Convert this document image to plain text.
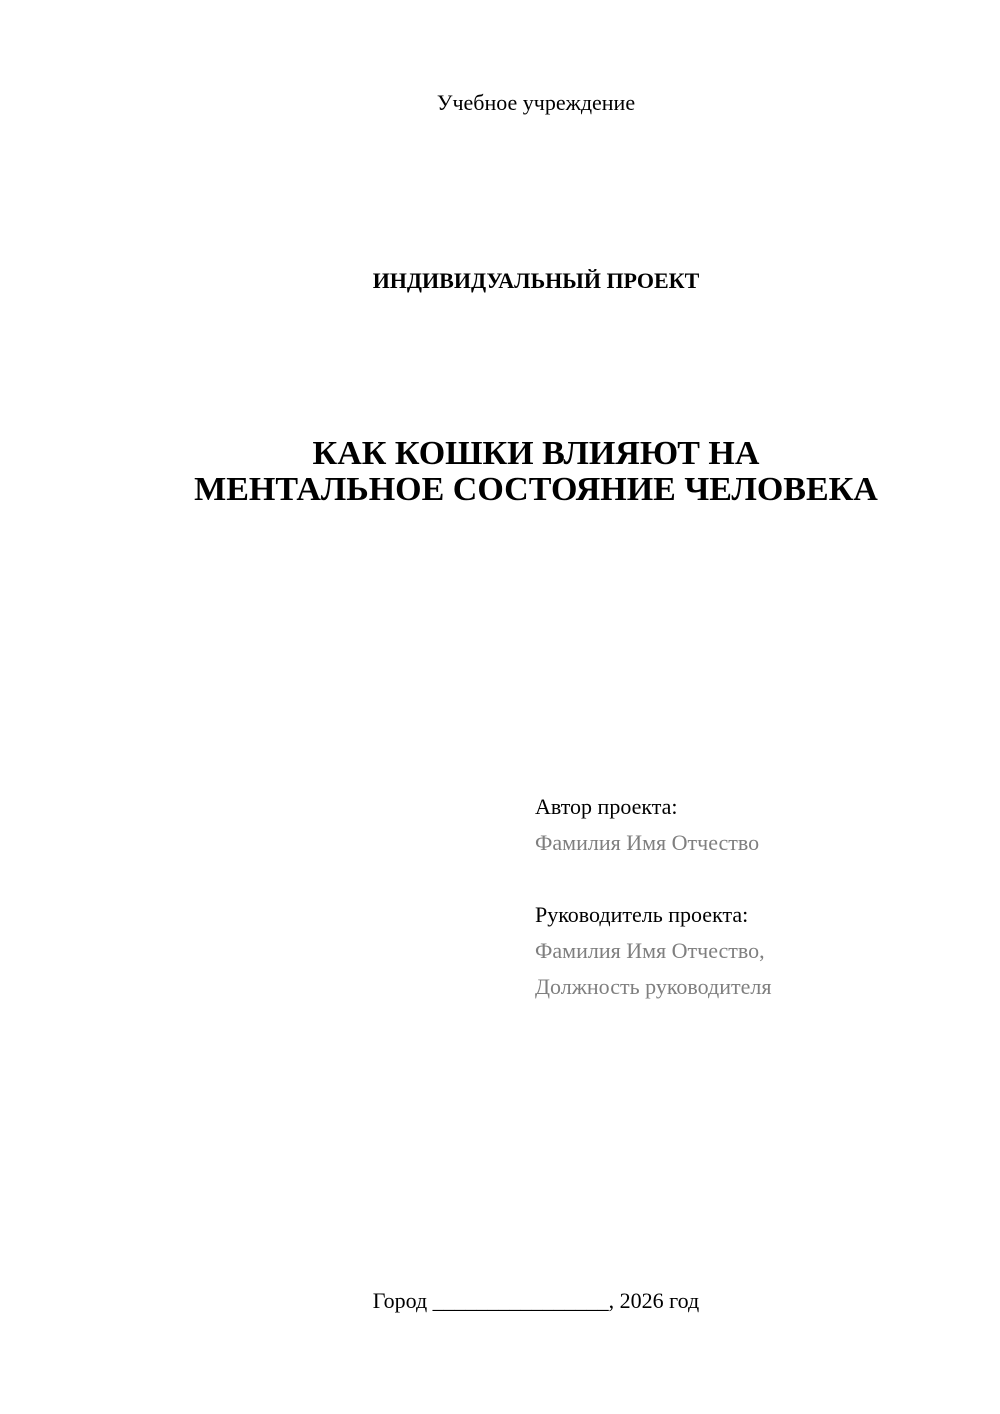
Учебное учреждение
ИНДИВИДУАЛЬНЫЙ ПРОЕКТ
КАК КОШКИ ВЛИЯЮТ НА
МЕНТАЛЬНОЕ СОСТОЯНИЕ ЧЕЛОВЕКА
Автор проекта:
Фамилия Имя Отчество
Руководитель проекта:
Фамилия Имя Отчество,
Должность руководителя
Город ________________, 2026 год
